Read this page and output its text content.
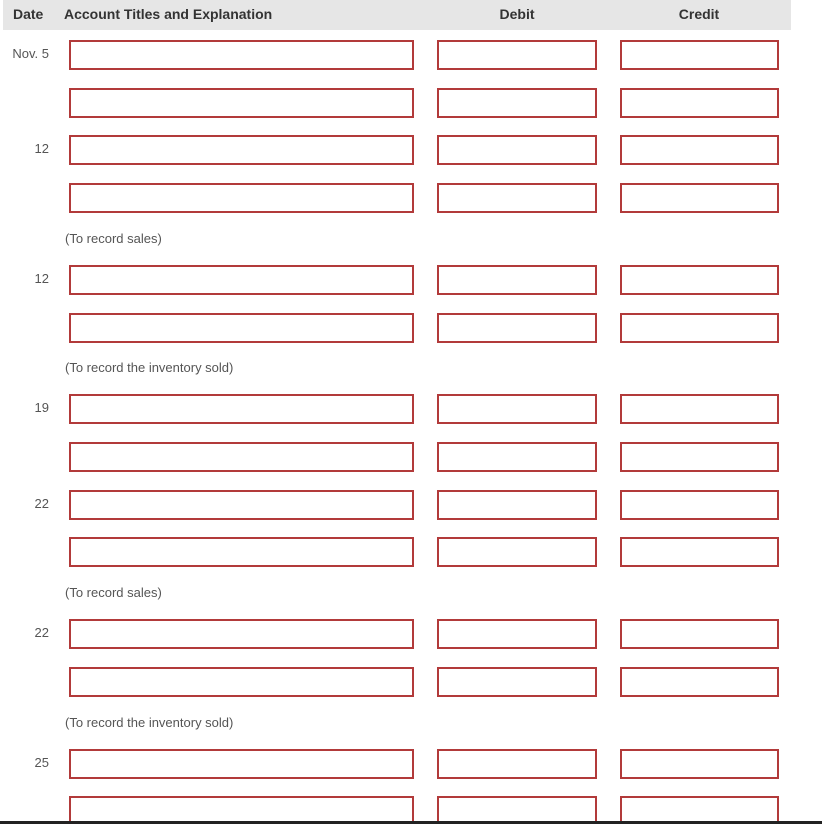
Date Account Titles and Explanation	Debit	Credit
Nov. 5
12
(To record sales)
12
(To record the inventory sold)
19
22
(To record sales)
22
(To record the inventory sold)
25
